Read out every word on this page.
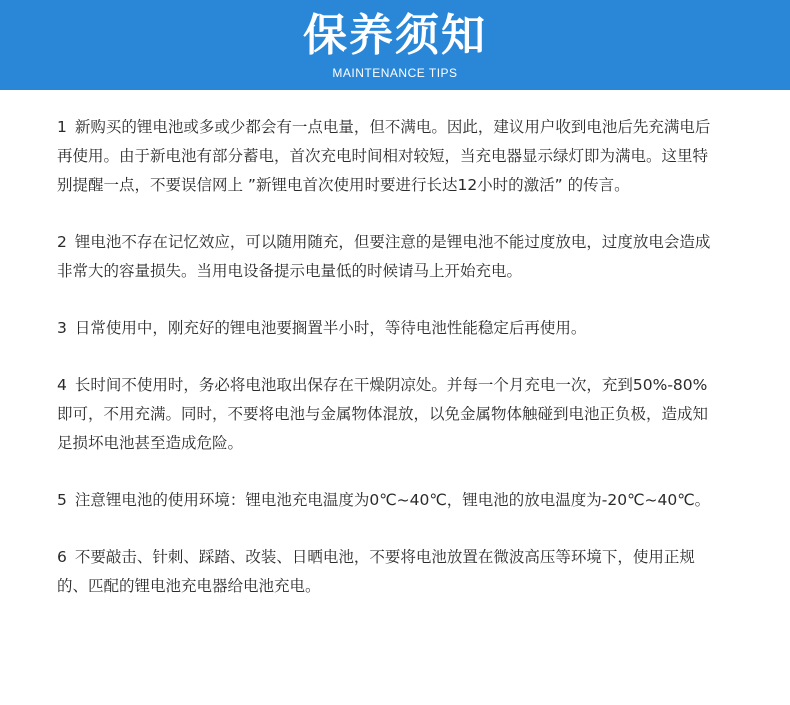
保养须知
MAINTENANCE TIPS

1 新购买的锂电池或多或少都会有一点电量，但不满电。因此，建议用户收到电池后先充满电后再使用。由于新电池有部分蓄电，首次充电时间相对较短，当充电器显示绿灯即为满电。这里特别提醒一点，不要误信网上 ”新锂电首次使用时要进行长达12小时的激活” 的传言。

2 锂电池不存在记忆效应，可以随用随充，但要注意的是锂电池不能过度放电，过度放电会造成非常大的容量损失。当用电设备提示电量低的时候请马上开始充电。

3 日常使用中，刚充好的锂电池要搁置半小时，等待电池性能稳定后再使用。

4 长时间不使用时，务必将电池取出保存在干燥阴凉处。并每一个月充电一次，充到50%-80%即可，不用充满。同时，不要将电池与金属物体混放，以免金属物体触碰到电池正负极，造成知足损坏电池甚至造成危险。

5 注意锂电池的使用环境：锂电池充电温度为0℃~40℃，锂电池的放电温度为-20℃~40℃。

6 不要敲击、针刺、踩踏、改装、日晒电池，不要将电池放置在微波高压等环境下，使用正规的、匹配的锂电池充电器给电池充电。
